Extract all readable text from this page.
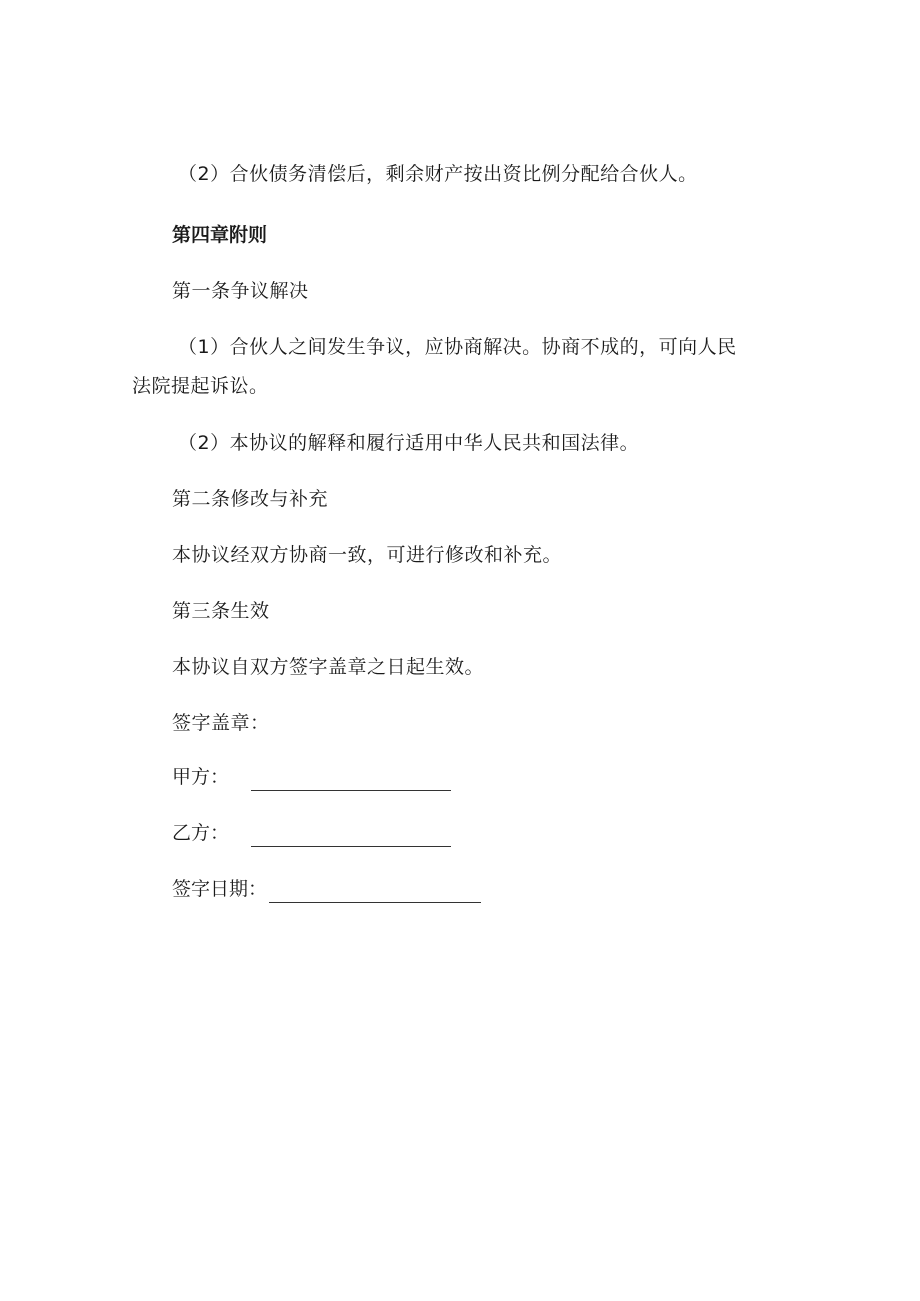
（2）合伙债务清偿后，剩余财产按出资比例分配给合伙人。
第四章附则
第一条争议解决
（1）合伙人之间发生争议，应协商解决。协商不成的，可向人民
法院提起诉讼。
（2）本协议的解释和履行适用中华人民共和国法律。
第二条修改与补充
本协议经双方协商一致，可进行修改和补充。
第三条生效
本协议自双方签字盖章之日起生效。
签字盖章：
甲方：
乙方：
签字日期：
